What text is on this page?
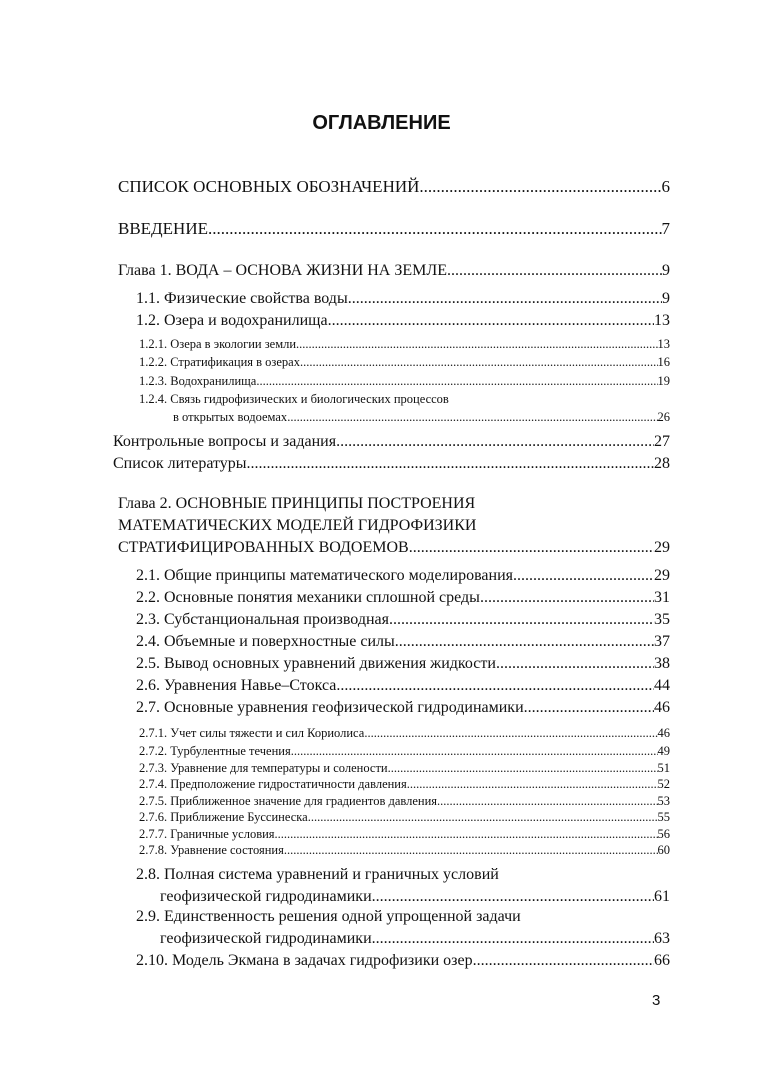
ОГЛАВЛЕНИЕ
СПИСОК ОСНОВНЫХ ОБОЗНАЧЕНИЙ .....	6
ВВЕДЕНИЕ .....	7
Глава 1. ВОДА – ОСНОВА ЖИЗНИ НА ЗЕМЛЕ .....	9
1.1. Физические свойства воды .....	9
1.2. Озера и водохранилища .....	13
1.2.1. Озера в экологии земли .....	13
1.2.2. Стратификация в озерах .....	16
1.2.3. Водохранилища .....	19
1.2.4. Связь гидрофизических и биологических процессов
в открытых водоемах .....	26
Контрольные вопросы и задания .....	27
Список литературы .....	28
Глава 2. ОСНОВНЫЕ ПРИНЦИПЫ ПОСТРОЕНИЯ
МАТЕМАТИЧЕСКИХ МОДЕЛЕЙ ГИДРОФИЗИКИ
СТРАТИФИЦИРОВАННЫХ ВОДОЕМОВ .....	29
2.1. Общие принципы математического моделирования .....	29
2.2. Основные понятия механики сплошной среды .....	31
2.3. Субстанциональная производная .....	35
2.4. Объемные и поверхностные силы .....	37
2.5. Вывод основных уравнений движения жидкости .....	38
2.6. Уравнения Навье–Стокса .....	44
2.7. Основные уравнения геофизической гидродинамики .....	46
2.7.1. Учет силы тяжести и сил Кориолиса .....	46
2.7.2. Турбулентные течения .....	49
2.7.3. Уравнение для температуры и солености .....	51
2.7.4. Предположение гидростатичности давления .....	52
2.7.5. Приближенное значение для градиентов давления .....	53
2.7.6. Приближение Буссинеска .....	55
2.7.7. Граничные условия .....	56
2.7.8. Уравнение состояния .....	60
2.8. Полная система уравнений и граничных условий
геофизической гидродинамики .....	61
2.9. Единственность решения одной упрощенной задачи
геофизической гидродинамики .....	63
2.10. Модель Экмана в задачах гидрофизики озер .....	66
3
